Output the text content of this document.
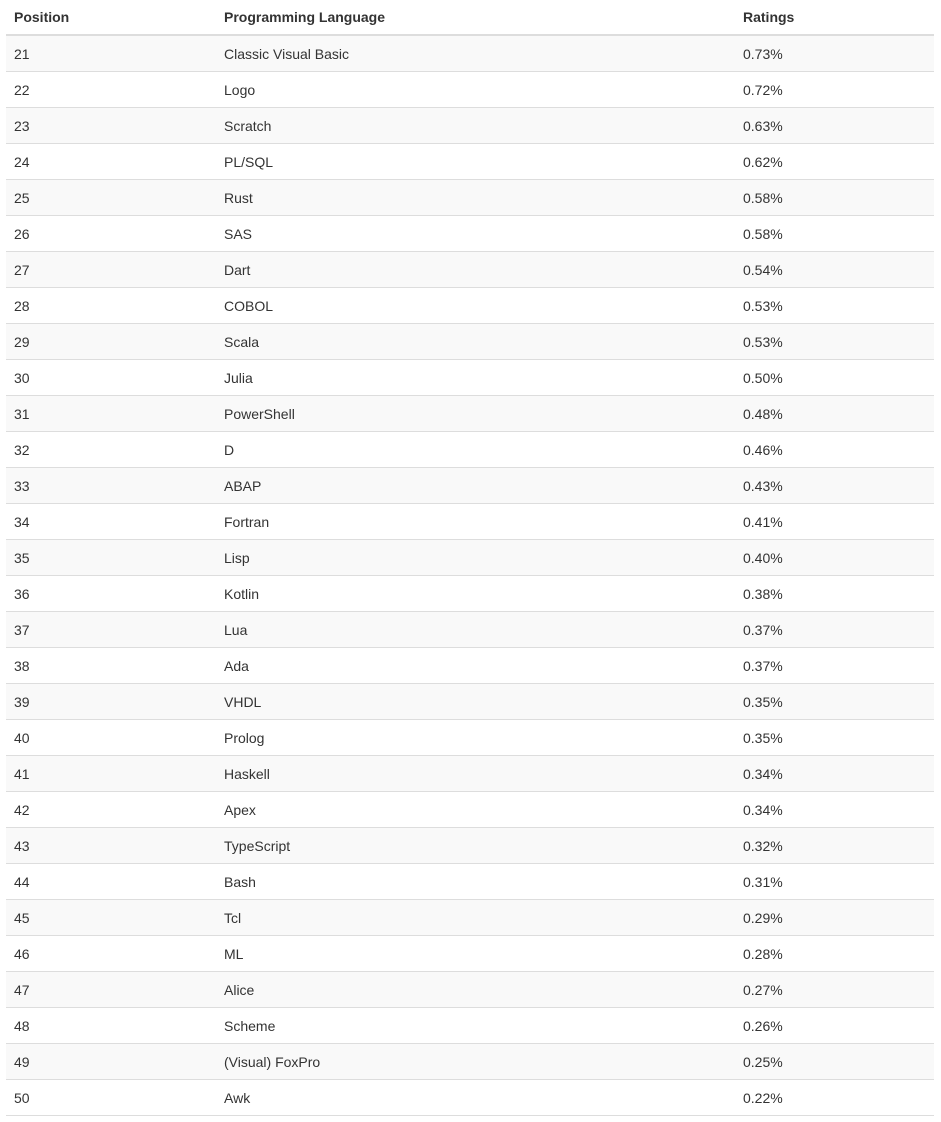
Position	Programming Language	Ratings
21	Classic Visual Basic	0.73%
22	Logo	0.72%
23	Scratch	0.63%
24	PL/SQL	0.62%
25	Rust	0.58%
26	SAS	0.58%
27	Dart	0.54%
28	COBOL	0.53%
29	Scala	0.53%
30	Julia	0.50%
31	PowerShell	0.48%
32	D	0.46%
33	ABAP	0.43%
34	Fortran	0.41%
35	Lisp	0.40%
36	Kotlin	0.38%
37	Lua	0.37%
38	Ada	0.37%
39	VHDL	0.35%
40	Prolog	0.35%
41	Haskell	0.34%
42	Apex	0.34%
43	TypeScript	0.32%
44	Bash	0.31%
45	Tcl	0.29%
46	ML	0.28%
47	Alice	0.27%
48	Scheme	0.26%
49	(Visual) FoxPro	0.25%
50	Awk	0.22%
